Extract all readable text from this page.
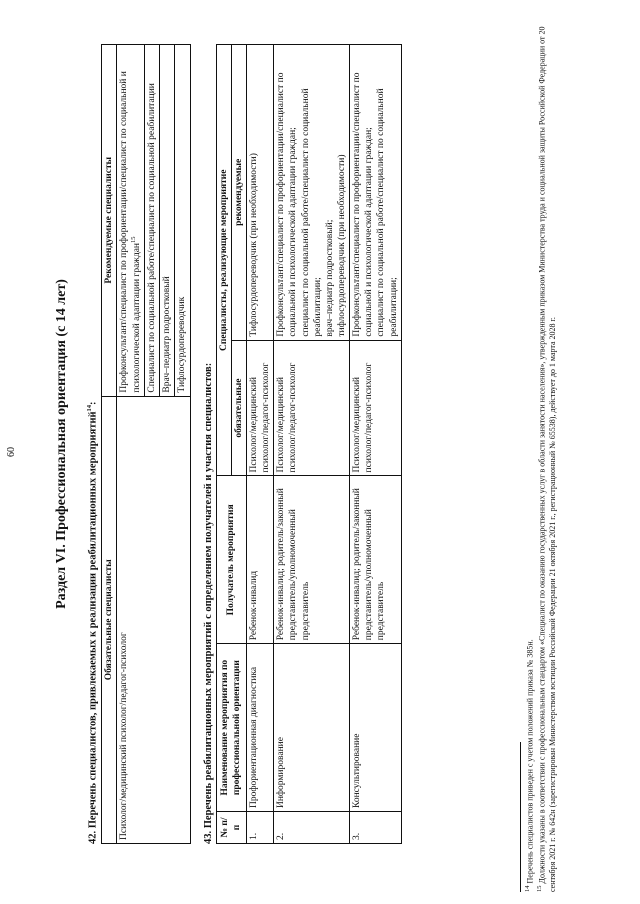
60	Раздел VI. Профессиональная ориентация (с 14 лет) 42. Перечень специалистов, привлекаемых к реализации реабилитационных мероприятий$^{14}$:
Обязательные специалисты	Рекомендуемые специалисты
Психолог/медицинский психолог/педагог-психолог	Профконсультант/специалист по профориентации/специалист по социальной и психологической адаптации граждан$^{15}$
	Специалист по социальной работе/специалист по социальной реабилитации
	Врач–педиатр подростковый
	Тифлосурдопереводчик
43. Перечень реабилитационных мероприятий с определением получателей и участия специалистов: № п/п	Наименование мероприятия по профессиональной ориентации	Получатель мероприятия	Специалисты, реализующие мероприятие	
			обязательные	рекомендуемые
1.	Профориентационная диагностика	Ребенок-инвалид	Психолог/медицинский психолог/педагог-психолог	Тифлосурдопереводчик (при необходимости)

2.	Информирование	Ребенок-инвалид; родитель/законный представитель/уполномоченный представитель	Психолог/медицинский психолог/педагог-психолог	Профконсультант/специалист по профориентации/специалист по социальной и психологической адаптации граждан; специалист по социальной работе/специалист по социальной реабилитации; врач–педиатр подростковый; тифлосурдопереводчик (при необходимости)

3.	Консультирование	Ребенок-инвалид; родитель/законный представитель/уполномоченный представитель	Психолог/медицинский психолог/педагог-психолог	Профконсультант/специалист по профориентации/специалист по социальной и психологической адаптации граждан; специалист по социальной работе/специалист по социальной реабилитации;

$^{14}$ Перечень специалистов приведен с учетом положений приказа № 385н.

$^{15}$ Должности указаны в соответствии с профессиональным стандартом «Специалист по оказанию государственных услуг в области занятости населения», утвержденным приказом Министерства труда и социальной защиты Российской Федерации от 20 сентября 2021 г. № 642н (зарегистрирован Министерством юстиции Российской Федерации 21 октября 2021 г., регистрационный № 65538), действует до 1 марта 2028 г.
